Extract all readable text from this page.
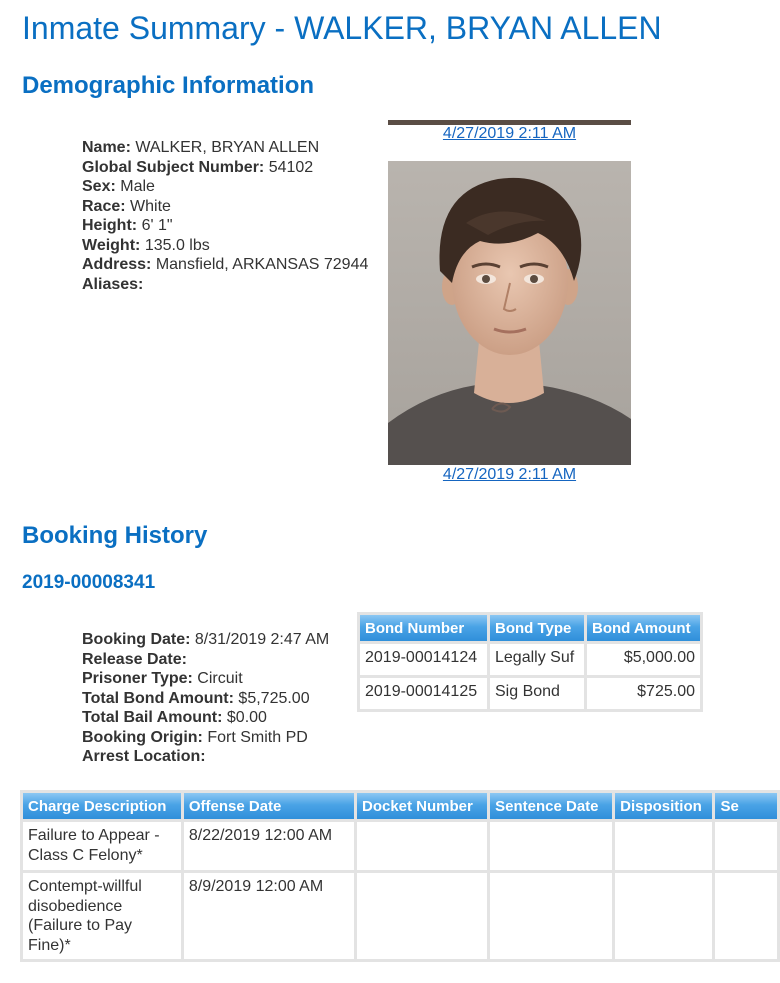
Inmate Summary - WALKER, BRYAN ALLEN
Demographic Information
Name: WALKER, BRYAN ALLEN
Global Subject Number: 54102
Sex: Male
Race: White
Height: 6' 1"
Weight: 135.0 lbs
Address: Mansfield, ARKANSAS 72944
Aliases:
4/27/2019 2:11 AM
4/27/2019 2:11 AM
Booking History
2019-00008341
Booking Date: 8/31/2019 2:47 AM
Release Date:
Prisoner Type: Circuit
Total Bond Amount: $5,725.00
Total Bail Amount: $0.00
Booking Origin: Fort Smith PD
Arrest Location:
Bond Number	Bond Type	Bond Amount
2019-00014124	Legally Suf	$5,000.00
2019-00014125	Sig Bond	$725.00
Charge Description	Offense Date	Docket Number	Sentence Date	Disposition	Se
Failure to Appear - Class C Felony*	8/22/2019 12:00 AM				
Contempt-willful disobedience (Failure to Pay Fine)*	8/9/2019 12:00 AM				
